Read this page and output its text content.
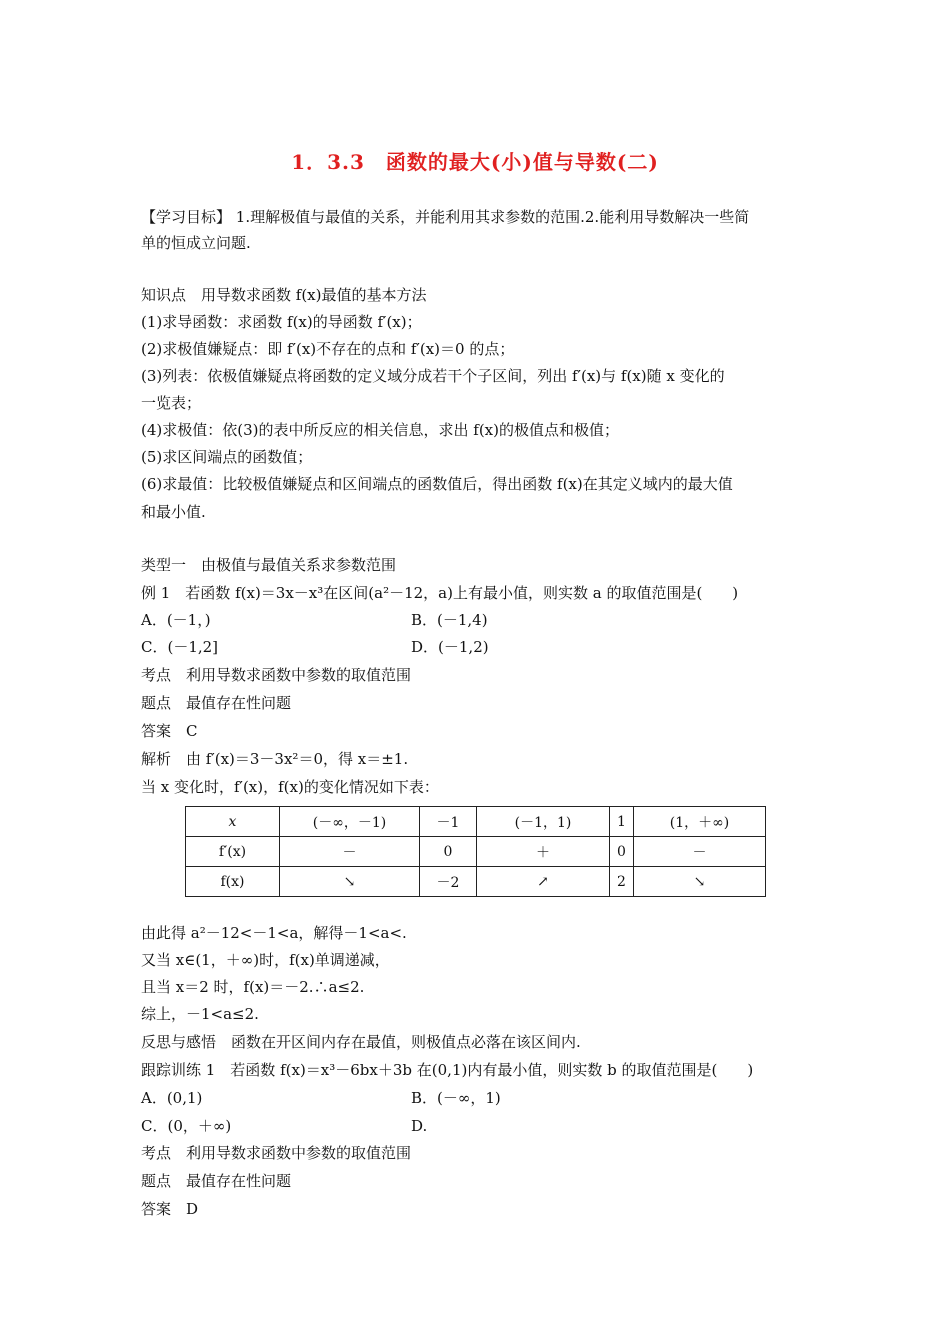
1．3.3　函数的最大(小)值与导数(二)
【学习目标】 1.理解极值与最值的关系，并能利用其求参数的范围.2.能利用导数解决一些简
单的恒成立问题.
知识点　用导数求函数 f(x)最值的基本方法
(1)求导函数：求函数 f(x)的导函数 f′(x)；
(2)求极值嫌疑点：即 f′(x)不存在的点和 f′(x)＝0 的点；
(3)列表：依极值嫌疑点将函数的定义域分成若干个子区间，列出 f′(x)与 f(x)随 x 变化的
一览表；
(4)求极值：依(3)的表中所反应的相关信息，求出 f(x)的极值点和极值；
(5)求区间端点的函数值；
(6)求最值：比较极值嫌疑点和区间端点的函数值后，得出函数 f(x)在其定义域内的最大值
和最小值.
类型一　由极值与最值关系求参数范围
例 1　若函数 f(x)＝3x－x³在区间(a²－12，a)上有最小值，则实数 a 的取值范围是(　　)
A．(－1，)	B．(－1,4)
C．(－1,2]	D．(－1,2)
考点　利用导数求函数中参数的取值范围
题点　最值存在性问题
答案　C
解析　由 f′(x)＝3－3x²＝0，得 x＝±1.
当 x 变化时，f′(x)，f(x)的变化情况如下表：
x	(－∞，－1)	－1	(－1，1)	1	(1，＋∞)
f′(x)	－	0	＋	0	－
f(x)	↘	－2	↗	2	↘
由此得 a²－12<－1<a，解得－1<a<.
又当 x∈(1，＋∞)时，f(x)单调递减，
且当 x＝2 时，f(x)＝－2.∴a≤2.
综上，－1<a≤2.
反思与感悟　函数在开区间内存在最值，则极值点必落在该区间内.
跟踪训练 1　若函数 f(x)＝x³－6bx＋3b 在(0,1)内有最小值，则实数 b 的取值范围是(　　)
A．(0,1)	B．(－∞，1)
C．(0，＋∞)	D.
考点　利用导数求函数中参数的取值范围
题点　最值存在性问题
答案　D
